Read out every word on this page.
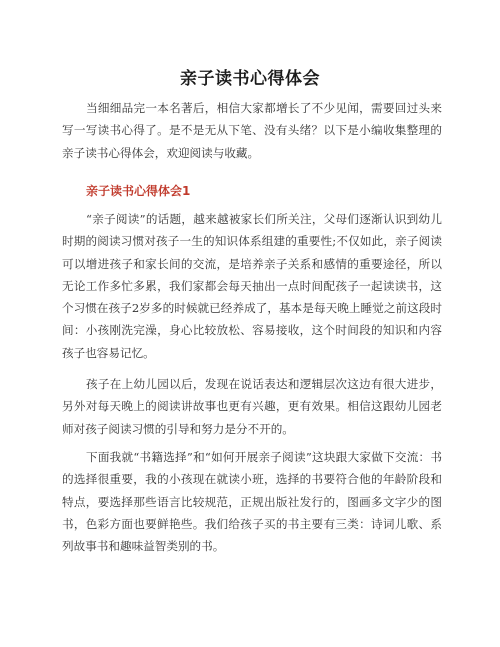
亲子读书心得体会

当细细品完一本名著后，相信大家都增长了不少见闻，需要回过头来写一写读书心得了。是不是无从下笔、没有头绪？以下是小编收集整理的亲子读书心得体会，欢迎阅读与收藏。

亲子读书心得体会1

“亲子阅读”的话题，越来越被家长们所关注，父母们逐渐认识到幼儿时期的阅读习惯对孩子一生的知识体系组建的重要性;不仅如此，亲子阅读可以增进孩子和家长间的交流，是培养亲子关系和感情的重要途径，所以无论工作多忙多累，我们家都会每天抽出一点时间配孩子一起读读书，这个习惯在孩子2岁多的时候就已经养成了，基本是每天晚上睡觉之前这段时间：小孩刚洗完澡，身心比较放松、容易接收，这个时间段的知识和内容孩子也容易记忆。

孩子在上幼儿园以后，发现在说话表达和逻辑层次这边有很大进步，另外对每天晚上的阅读讲故事也更有兴趣，更有效果。相信这跟幼儿园老师对孩子阅读习惯的引导和努力是分不开的。

下面我就“书籍选择”和“如何开展亲子阅读”这块跟大家做下交流：书的选择很重要，我的小孩现在就读小班，选择的书要符合他的年龄阶段和特点，要选择那些语言比较规范，正规出版社发行的，图画多文字少的图书，色彩方面也要鲜艳些。我们给孩子买的书主要有三类：诗词儿歌、系列故事书和趣味益智类别的书。
